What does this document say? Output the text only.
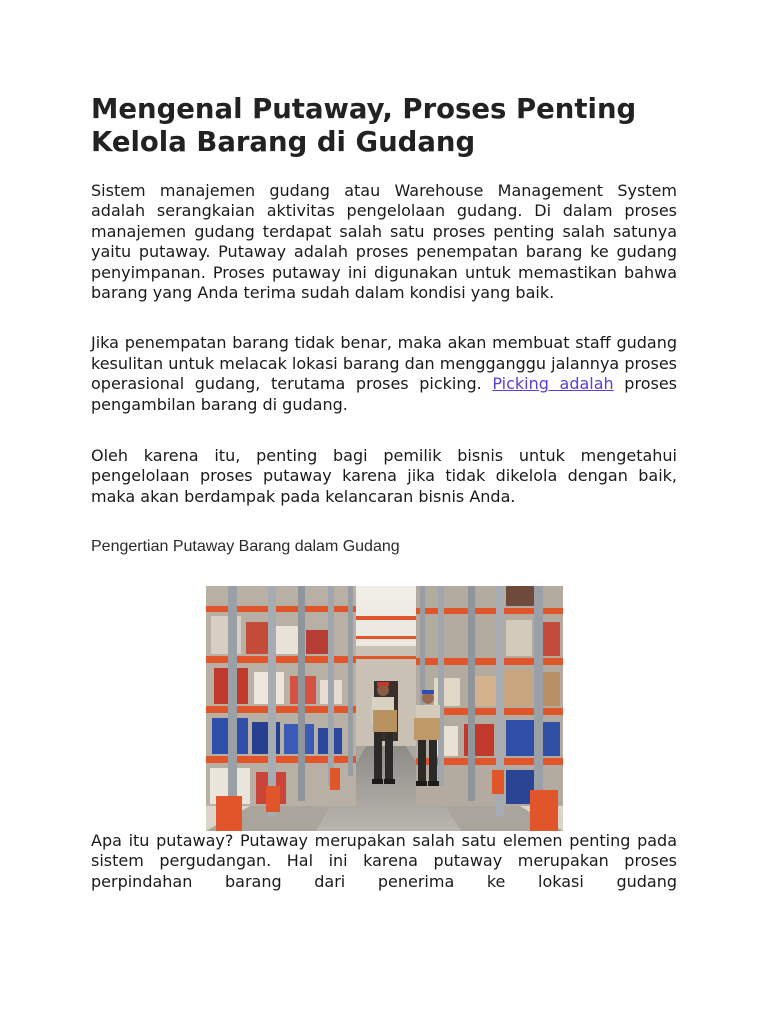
Mengenal Putaway, Proses Penting Kelola Barang di Gudang

Sistem manajemen gudang atau Warehouse Management System adalah serangkaian aktivitas pengelolaan gudang. Di dalam proses manajemen gudang terdapat salah satu proses penting salah satunya yaitu putaway. Putaway adalah proses penempatan barang ke gudang penyimpanan. Proses putaway ini digunakan untuk memastikan bahwa barang yang Anda terima sudah dalam kondisi yang baik.

Jika penempatan barang tidak benar, maka akan membuat staff gudang kesulitan untuk melacak lokasi barang dan mengganggu jalannya proses operasional gudang, terutama proses picking. Picking adalah proses pengambilan barang di gudang.

Oleh karena itu, penting bagi pemilik bisnis untuk mengetahui pengelolaan proses putaway karena jika tidak dikelola dengan baik, maka akan berdampak pada kelancaran bisnis Anda.

Pengertian Putaway Barang dalam Gudang

Apa itu putaway? Putaway merupakan salah satu elemen penting pada sistem pergudangan. Hal ini karena putaway merupakan proses perpindahan barang dari penerima ke lokasi gudang
